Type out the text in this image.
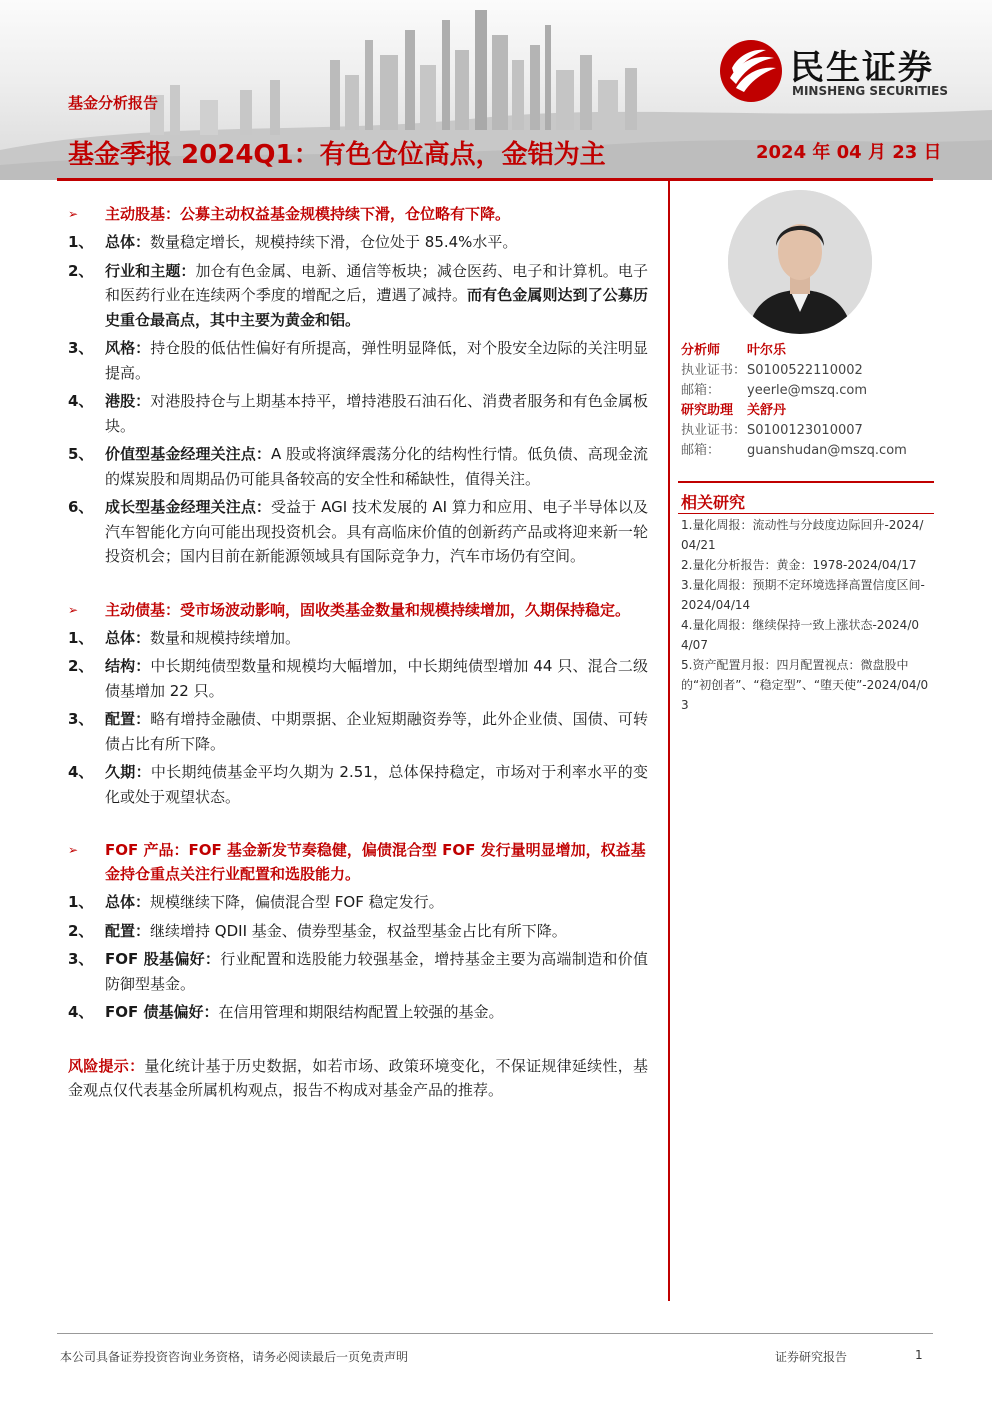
基金分析报告
基金季报 2024Q1：有色仓位高点，金铝为主	2024 年 04 月 23 日
民生证券
MINSHENG SECURITIES
➢ 主动股基：公募主动权益基金规模持续下滑，仓位略有下降。
1、 总体：数量稳定增长，规模持续下滑，仓位处于 85.4%水平。
2、 行业和主题：加仓有色金属、电新、通信等板块；减仓医药、电子和计算机。电子和医药行业在连续两个季度的增配之后，遭遇了减持。而有色金属则达到了公募历史重仓最高点，其中主要为黄金和铝。
3、 风格：持仓股的低估性偏好有所提高，弹性明显降低，对个股安全边际的关注明显提高。
4、 港股：对港股持仓与上期基本持平，增持港股石油石化、消费者服务和有色金属板块。
5、 价值型基金经理关注点：A 股或将演绎震荡分化的结构性行情。低负债、高现金流的煤炭股和周期品仍可能具备较高的安全性和稀缺性，值得关注。
6、 成长型基金经理关注点：受益于 AGI 技术发展的 AI 算力和应用、电子半导体以及汽车智能化方向可能出现投资机会。具有高临床价值的创新药产品或将迎来新一轮投资机会；国内目前在新能源领域具有国际竞争力，汽车市场仍有空间。
➢ 主动债基：受市场波动影响，固收类基金数量和规模持续增加，久期保持稳定。
1、 总体：数量和规模持续增加。
2、 结构：中长期纯债型数量和规模均大幅增加，中长期纯债型增加 44 只、混合二级债基增加 22 只。
3、 配置：略有增持金融债、中期票据、企业短期融资券等，此外企业债、国债、可转债占比有所下降。
4、 久期：中长期纯债基金平均久期为 2.51，总体保持稳定，市场对于利率水平的变化或处于观望状态。
➢ FOF 产品：FOF 基金新发节奏稳健，偏债混合型 FOF 发行量明显增加，权益基金持仓重点关注行业配置和选股能力。
1、 总体：规模继续下降，偏债混合型 FOF 稳定发行。
2、 配置：继续增持 QDII 基金、债券型基金，权益型基金占比有所下降。
3、 FOF 股基偏好：行业配置和选股能力较强基金，增持基金主要为高端制造和价值防御型基金。
4、 FOF 债基偏好：在信用管理和期限结构配置上较强的基金。
风险提示：量化统计基于历史数据，如若市场、政策环境变化，不保证规律延续性，基金观点仅代表基金所属机构观点，报告不构成对基金产品的推荐。
分析师 叶尔乐
执业证书：S0100522110002
邮箱： yeerle@mszq.com
研究助理 关舒丹
执业证书：S0100123010007
邮箱： guanshudan@mszq.com
相关研究
1.量化周报：流动性与分歧度边际回升-2024/04/21
2.量化分析报告：黄金：1978-2024/04/17
3.量化周报：预期不定环境选择高置信度区间-2024/04/14
4.量化周报：继续保持一致上涨状态-2024/04/07
5.资产配置月报：四月配置视点：微盘股中的“初创者”、“稳定型”、“堕天使”-2024/04/03
本公司具备证券投资咨询业务资格，请务必阅读最后一页免责声明	证券研究报告	1
